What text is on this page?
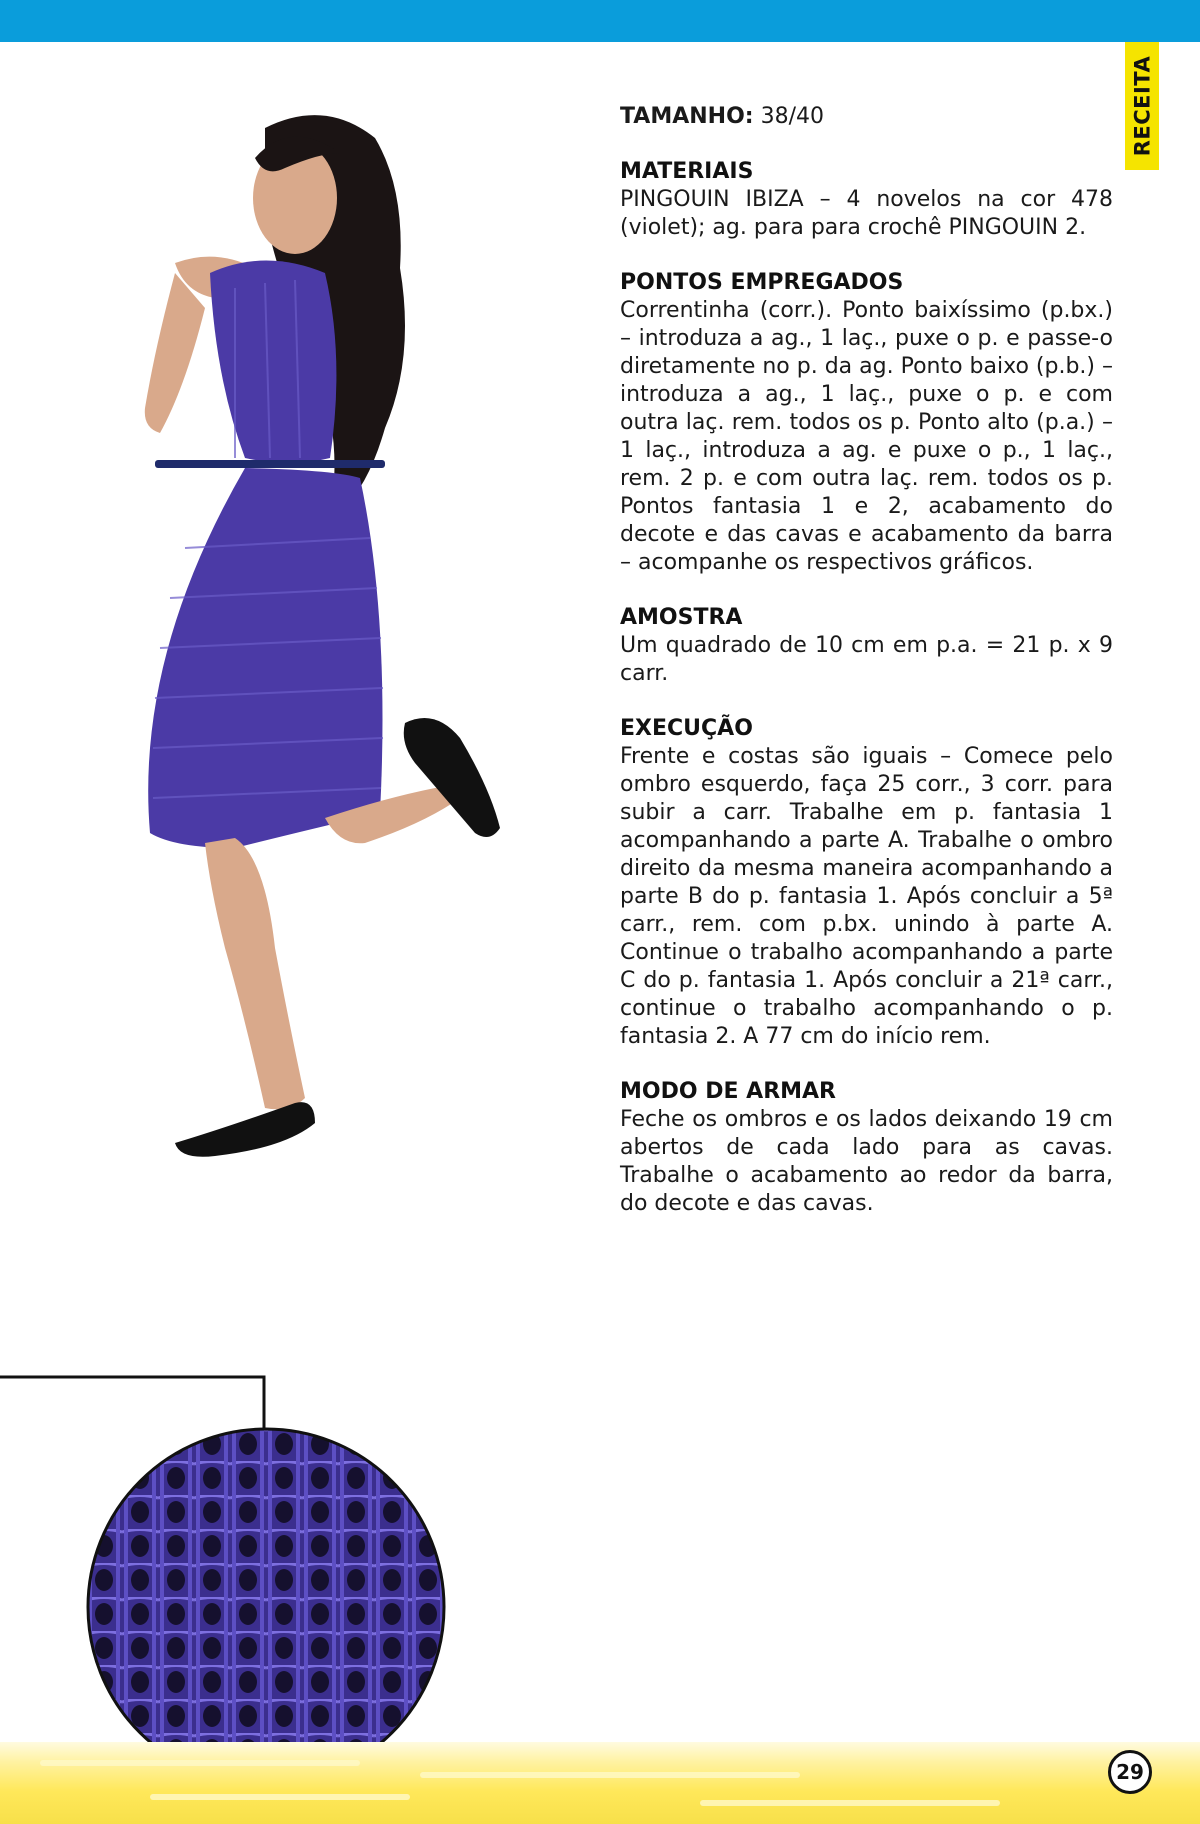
RECEITA

TAMANHO: 38/40

MATERIAIS

PINGOUIN IBIZA – 4 novelos na cor 478 (violet); ag. para para crochê PINGOUIN 2.

PONTOS EMPREGADOS

Correntinha (corr.). Ponto baixíssimo (p.bx.) – introduza a ag., 1 laç., puxe o p. e passe-o diretamente no p. da ag. Ponto baixo (p.b.) – introduza a ag., 1 laç., puxe o p. e com outra laç. rem. todos os p. Ponto alto (p.a.) – 1 laç., introduza a ag. e puxe o p., 1 laç., rem. 2 p. e com outra laç. rem. todos os p. Pontos fantasia 1 e 2, acabamento do decote e das cavas e acabamento da barra – acompanhe os respectivos gráficos.

AMOSTRA

Um quadrado de 10 cm em p.a. = 21 p. x 9 carr.

EXECUÇÃO

Frente e costas são iguais – Comece pelo ombro esquerdo, faça 25 corr., 3 corr. para subir a carr. Trabalhe em p. fantasia 1 acompanhando a parte A. Trabalhe o ombro direito da mesma maneira acompanhando a parte B do p. fantasia 1. Após concluir a 5ª carr., rem. com p.bx. unindo à parte A. Continue o trabalho acompanhando a parte C do p. fantasia 1. Após concluir a 21ª carr., continue o trabalho acompanhando o p. fantasia 2. A 77 cm do início rem.

MODO DE ARMAR

Feche os ombros e os lados deixando 19 cm abertos de cada lado para as cavas. Trabalhe o acabamento ao redor da barra, do decote e das cavas.

29
